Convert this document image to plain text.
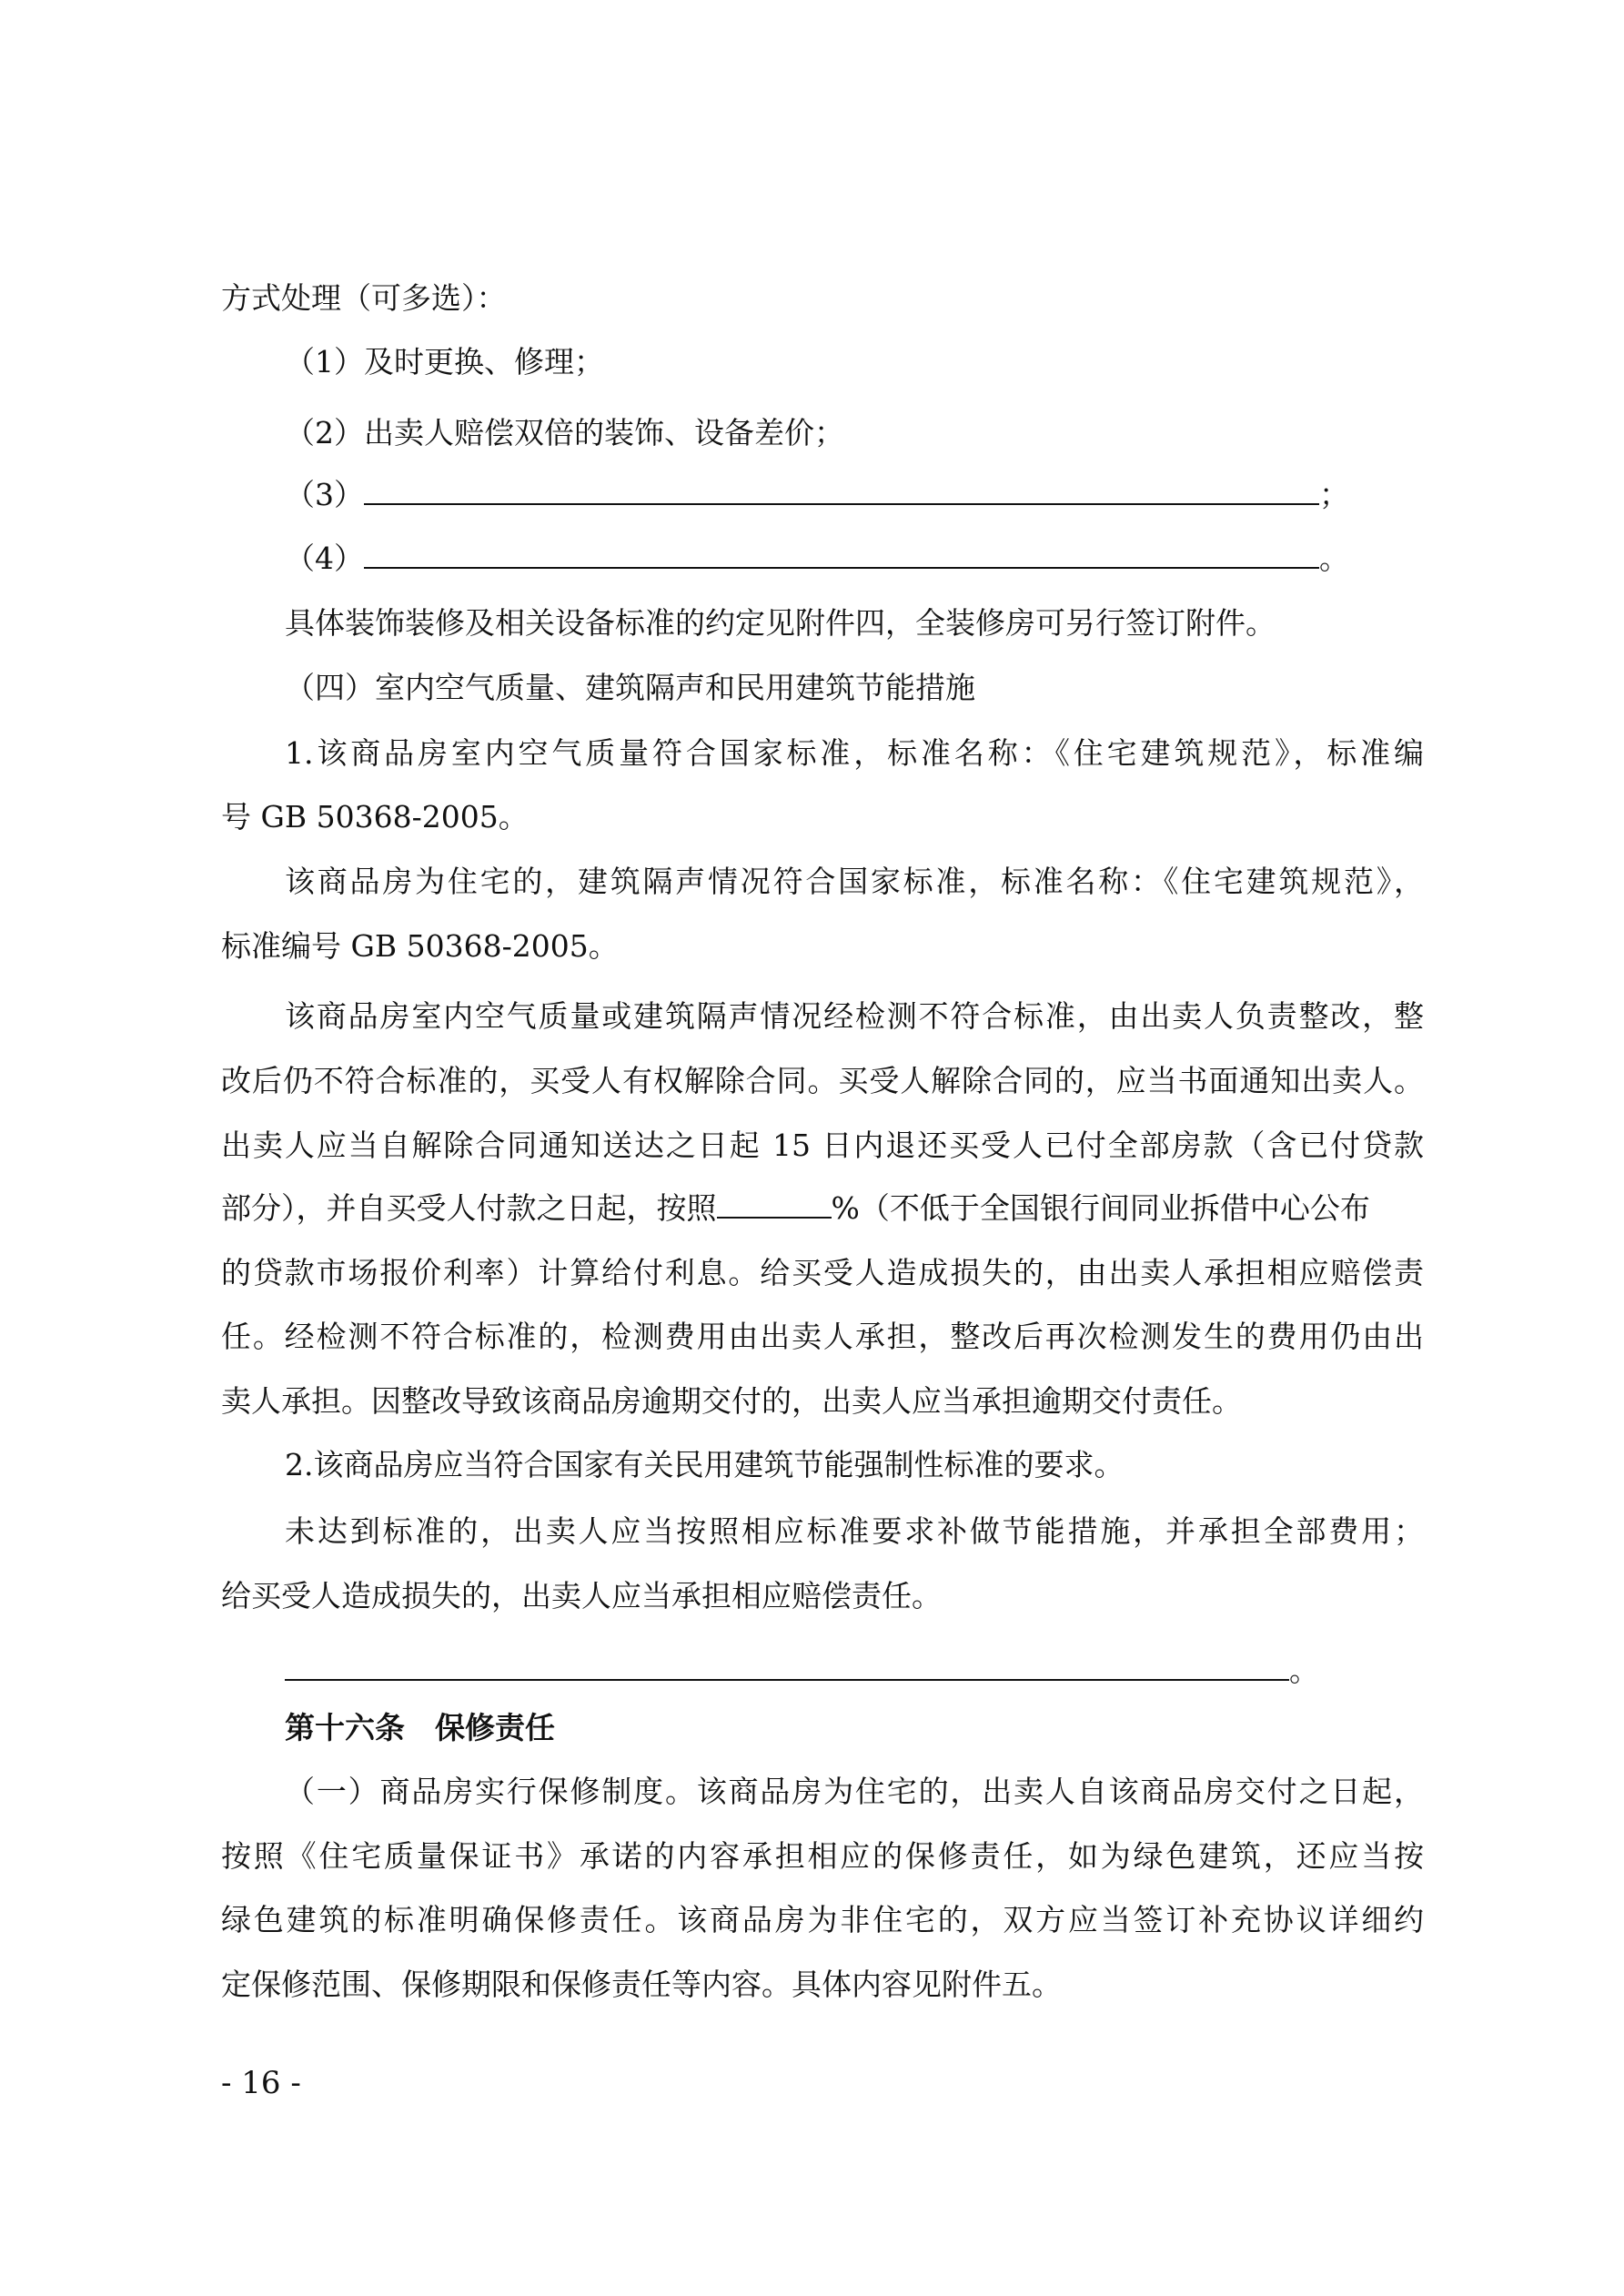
方式处理（可多选）：
（1）及时更换、修理；
（2）出卖人赔偿双倍的装饰、设备差价；
（3）	；
（4）	。
具体装饰装修及相关设备标准的约定见附件四，全装修房可另行签订附件。
（四）室内空气质量、建筑隔声和民用建筑节能措施
1.该商品房室内空气质量符合国家标准，标准名称：《住宅建筑规范》，标准编
号 GB 50368-2005。
该商品房为住宅的，建筑隔声情况符合国家标准，标准名称：《住宅建筑规范》，
标准编号 GB 50368-2005。
该商品房室内空气质量或建筑隔声情况经检测不符合标准，由出卖人负责整改，整
改后仍不符合标准的，买受人有权解除合同。买受人解除合同的，应当书面通知出卖人。
出卖人应当自解除合同通知送达之日起 15 日内退还买受人已付全部房款（含已付贷款
部分），并自买受人付款之日起，按照	%（不低于全国银行间同业拆借中心公布
的贷款市场报价利率）计算给付利息。给买受人造成损失的，由出卖人承担相应赔偿责
任。经检测不符合标准的，检测费用由出卖人承担，整改后再次检测发生的费用仍由出
卖人承担。因整改导致该商品房逾期交付的，出卖人应当承担逾期交付责任。
2.该商品房应当符合国家有关民用建筑节能强制性标准的要求。
未达到标准的，出卖人应当按照相应标准要求补做节能措施，并承担全部费用；
给买受人造成损失的，出卖人应当承担相应赔偿责任。
。
第十六条　保修责任
（一）商品房实行保修制度。该商品房为住宅的，出卖人自该商品房交付之日起，
按照《住宅质量保证书》承诺的内容承担相应的保修责任，如为绿色建筑，还应当按
绿色建筑的标准明确保修责任。该商品房为非住宅的，双方应当签订补充协议详细约
定保修范围、保修期限和保修责任等内容。具体内容见附件五。
- 16 -
